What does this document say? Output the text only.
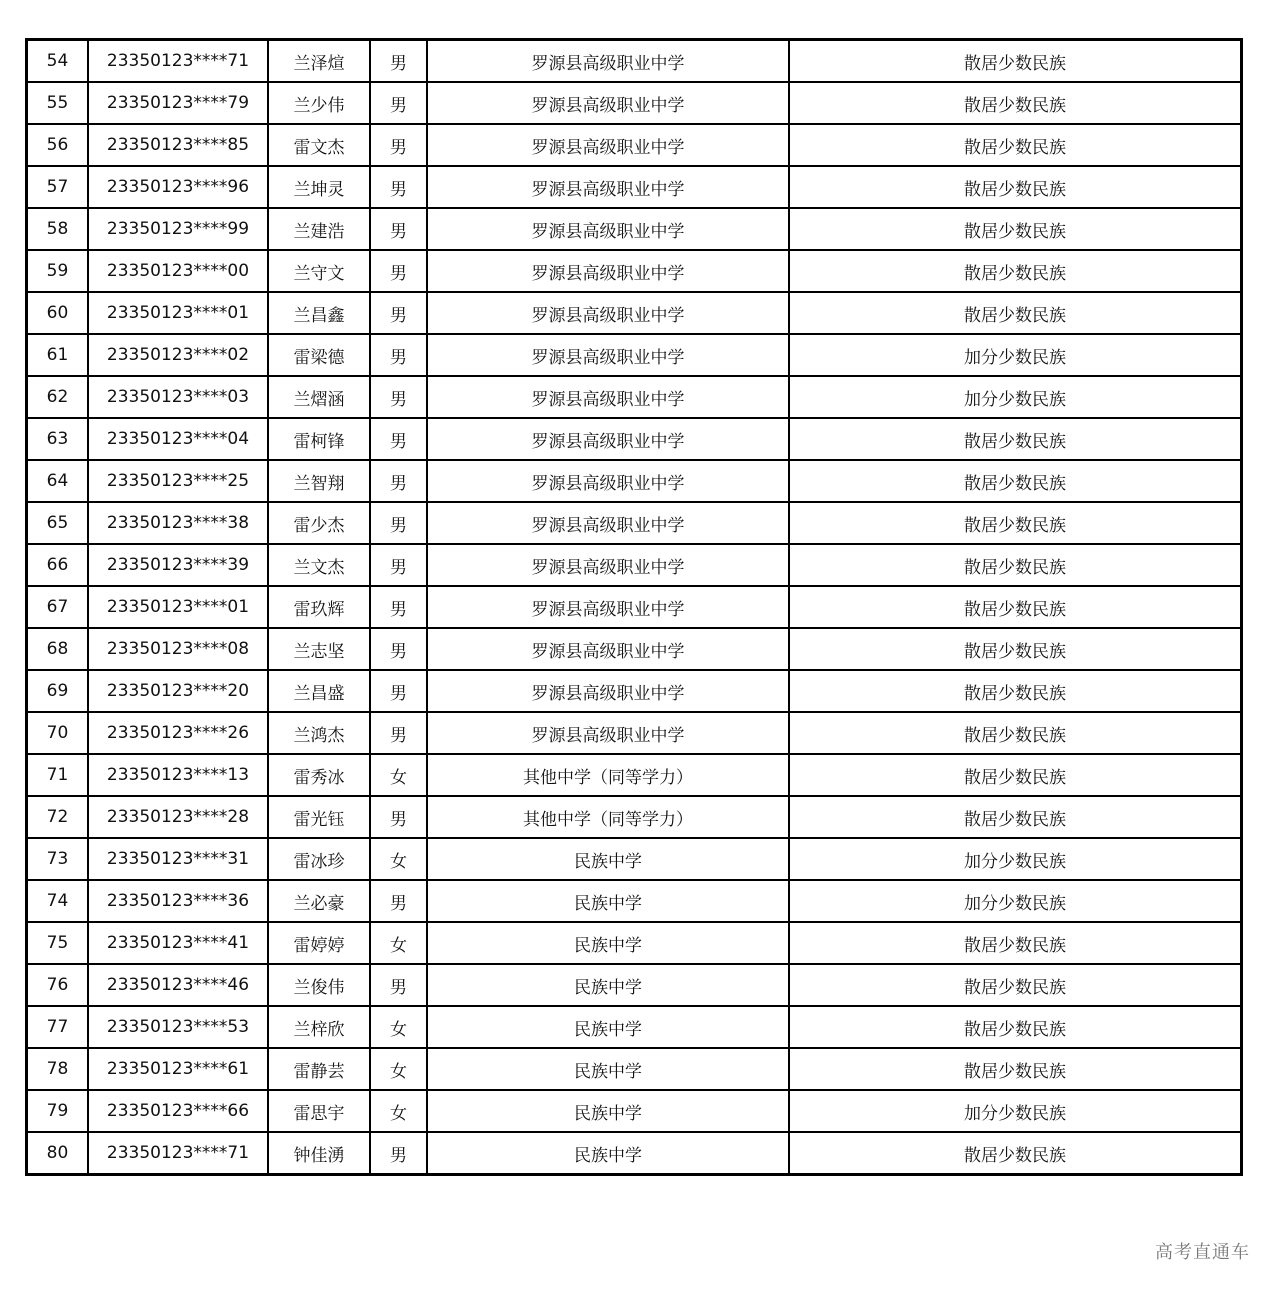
54	23350123****71	兰泽煊	男	罗源县高级职业中学	散居少数民族
55	23350123****79	兰少伟	男	罗源县高级职业中学	散居少数民族
56	23350123****85	雷文杰	男	罗源县高级职业中学	散居少数民族
57	23350123****96	兰坤灵	男	罗源县高级职业中学	散居少数民族
58	23350123****99	兰建浩	男	罗源县高级职业中学	散居少数民族
59	23350123****00	兰守文	男	罗源县高级职业中学	散居少数民族
60	23350123****01	兰昌鑫	男	罗源县高级职业中学	散居少数民族
61	23350123****02	雷梁德	男	罗源县高级职业中学	加分少数民族
62	23350123****03	兰熠涵	男	罗源县高级职业中学	加分少数民族
63	23350123****04	雷柯锋	男	罗源县高级职业中学	散居少数民族
64	23350123****25	兰智翔	男	罗源县高级职业中学	散居少数民族
65	23350123****38	雷少杰	男	罗源县高级职业中学	散居少数民族
66	23350123****39	兰文杰	男	罗源县高级职业中学	散居少数民族
67	23350123****01	雷玖辉	男	罗源县高级职业中学	散居少数民族
68	23350123****08	兰志坚	男	罗源县高级职业中学	散居少数民族
69	23350123****20	兰昌盛	男	罗源县高级职业中学	散居少数民族
70	23350123****26	兰鸿杰	男	罗源县高级职业中学	散居少数民族
71	23350123****13	雷秀冰	女	其他中学（同等学力）	散居少数民族
72	23350123****28	雷光钰	男	其他中学（同等学力）	散居少数民族
73	23350123****31	雷冰珍	女	民族中学	加分少数民族
74	23350123****36	兰必豪	男	民族中学	加分少数民族
75	23350123****41	雷婷婷	女	民族中学	散居少数民族
76	23350123****46	兰俊伟	男	民族中学	散居少数民族
77	23350123****53	兰梓欣	女	民族中学	散居少数民族
78	23350123****61	雷静芸	女	民族中学	散居少数民族
79	23350123****66	雷思宇	女	民族中学	加分少数民族
80	23350123****71	钟佳湧	男	民族中学	散居少数民族
高考直通车
